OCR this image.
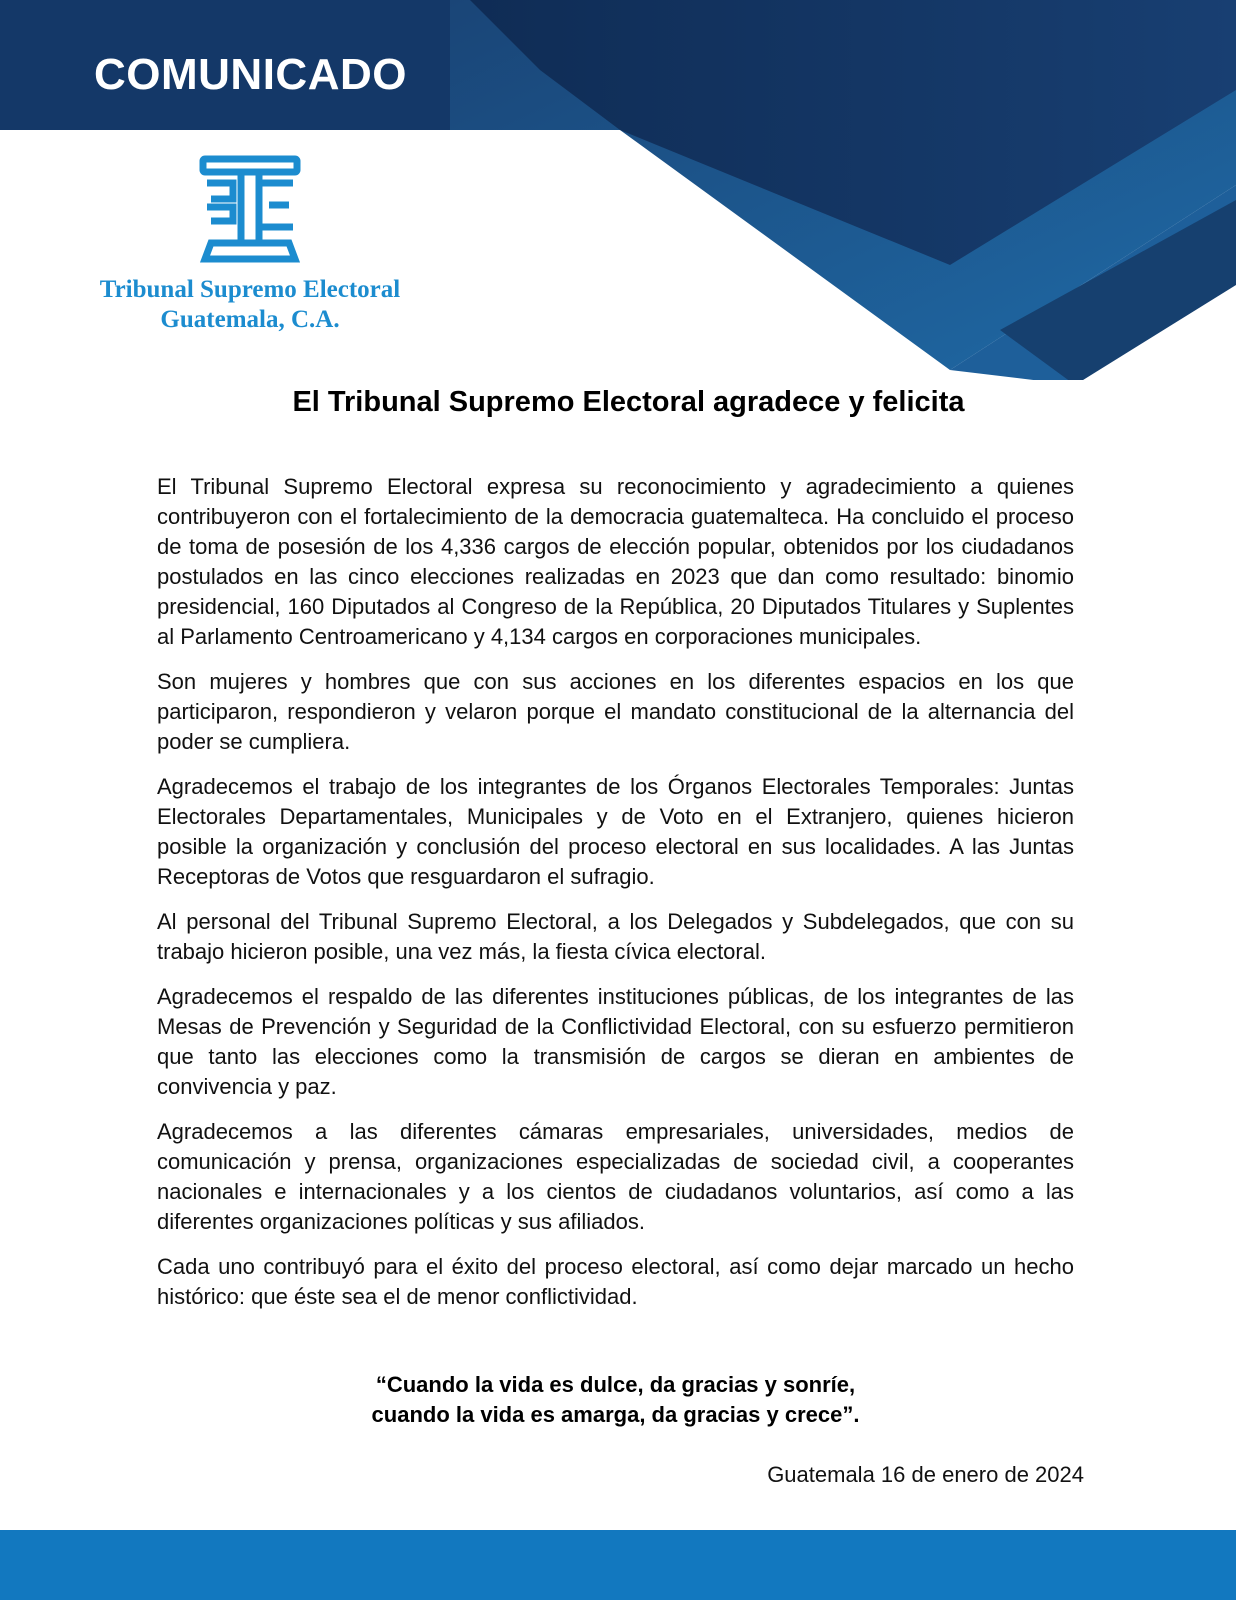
COMUNICADO
Tribunal Supremo Electoral
Guatemala, C.A.
El Tribunal Supremo Electoral agradece y felicita

El Tribunal Supremo Electoral expresa su reconocimiento y agradecimiento a quienes contribuyeron con el fortalecimiento de la democracia guatemalteca. Ha concluido el proceso de toma de posesión de los 4,336 cargos de elección popular, obtenidos por los ciudadanos postulados en las cinco elecciones realizadas en 2023 que dan como resultado: binomio presidencial, 160 Diputados al Congreso de la República, 20 Diputados Titulares y Suplentes al Parlamento Centroamericano y 4,134 cargos en corporaciones municipales.

Son mujeres y hombres que con sus acciones en los diferentes espacios en los que participaron, respondieron y velaron porque el mandato constitucional de la alternancia del poder se cumpliera.

Agradecemos el trabajo de los integrantes de los Órganos Electorales Temporales: Juntas Electorales Departamentales, Municipales y de Voto en el Extranjero, quienes hicieron posible la organización y conclusión del proceso electoral en sus localidades. A las Juntas Receptoras de Votos que resguardaron el sufragio.

Al personal del Tribunal Supremo Electoral, a los Delegados y Subdelegados, que con su trabajo hicieron posible, una vez más, la fiesta cívica electoral.

Agradecemos el respaldo de las diferentes instituciones públicas, de los integrantes de las Mesas de Prevención y Seguridad de la Conflictividad Electoral, con su esfuerzo permitieron que tanto las elecciones como la transmisión de cargos se dieran en ambientes de convivencia y paz.

Agradecemos a las diferentes cámaras empresariales, universidades, medios de comunicación y prensa, organizaciones especializadas de sociedad civil, a cooperantes nacionales e internacionales y a los cientos de ciudadanos voluntarios, así como a las diferentes organizaciones políticas y sus afiliados.

Cada uno contribuyó para el éxito del proceso electoral, así como dejar marcado un hecho histórico: que éste sea el de menor conflictividad.

“Cuando la vida es dulce, da gracias y sonríe,
cuando la vida es amarga, da gracias y crece”.
Guatemala 16 de enero de 2024
